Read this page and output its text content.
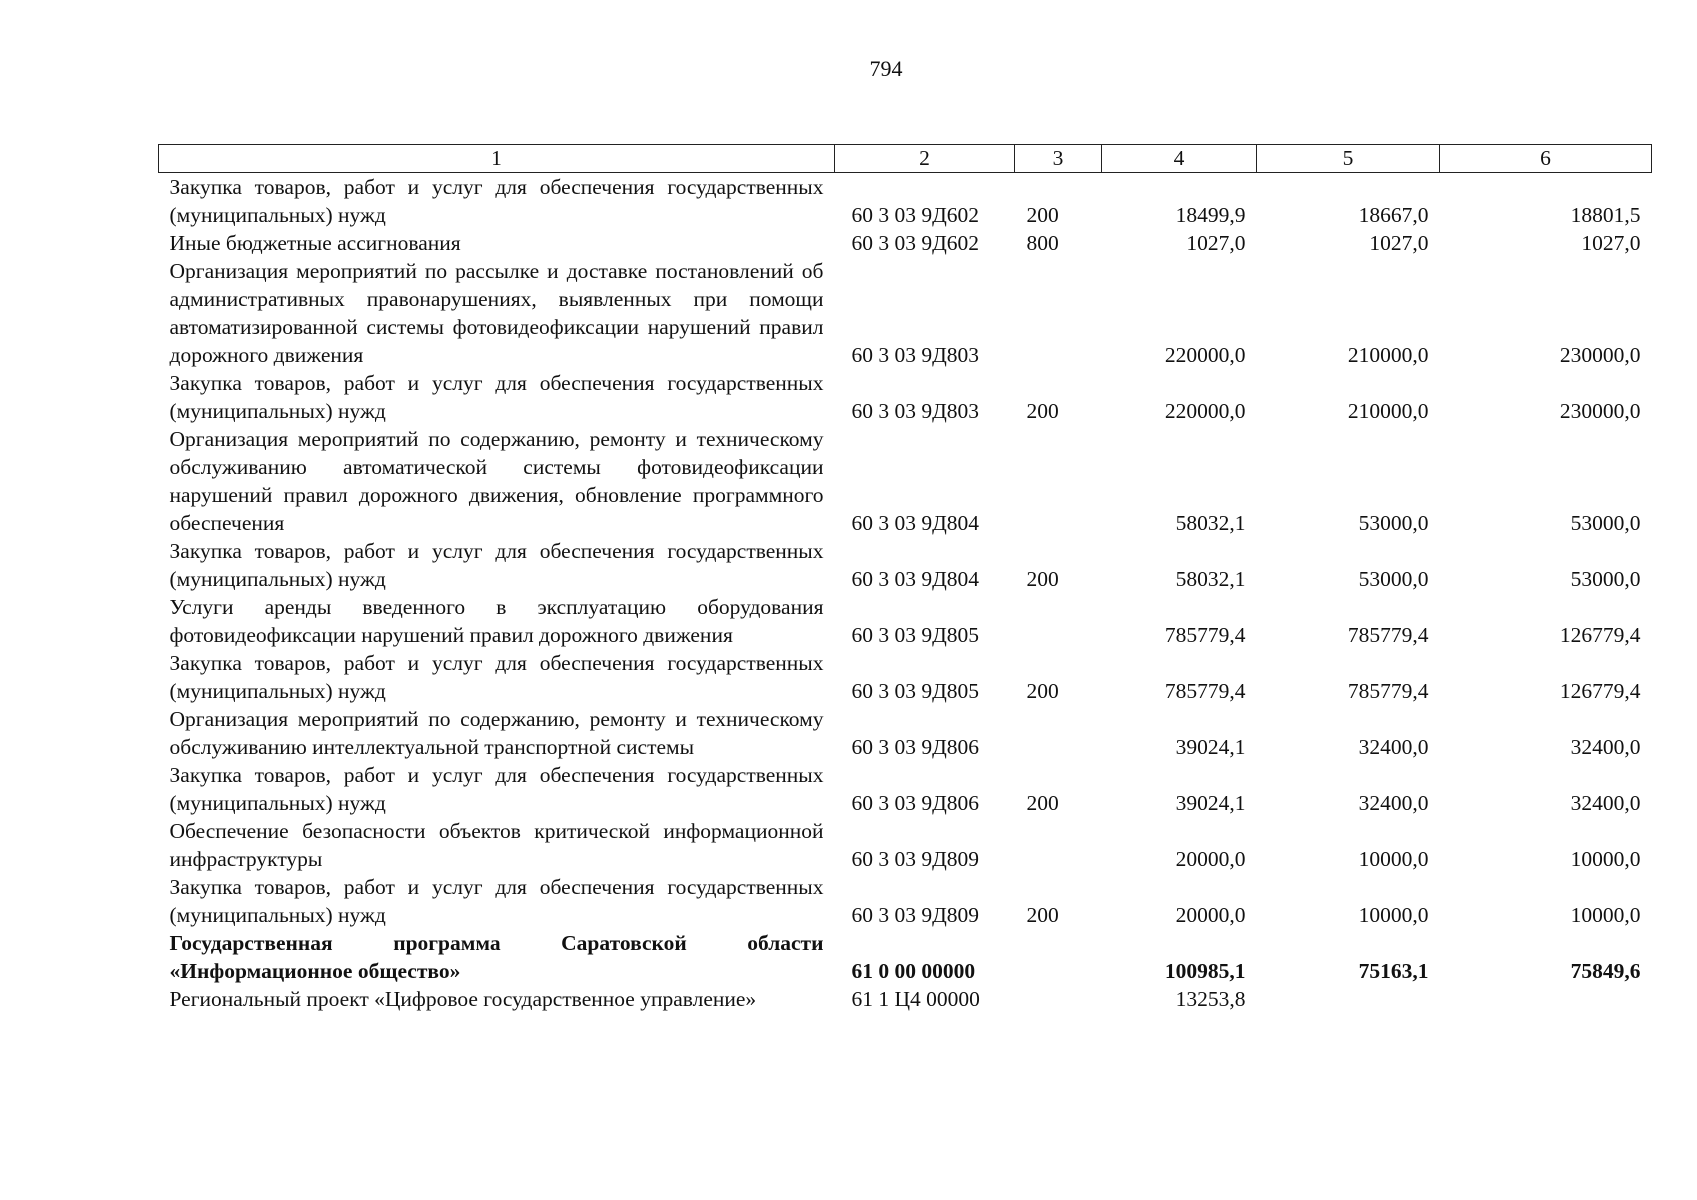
794
1	2	3	4	5	6
Закупка товаров, работ и услуг для обеспечения государственных (муниципальных) нужд	60 3 03 9Д602	200	18499,9	18667,0	18801,5
Иные бюджетные ассигнования	60 3 03 9Д602	800	1027,0	1027,0	1027,0
Организация мероприятий по рассылке и доставке постановлений об административных правонарушениях, выявленных при помощи автоматизированной системы фотовидеофиксации нарушений правил дорожного движения	60 3 03 9Д803		220000,0	210000,0	230000,0
Закупка товаров, работ и услуг для обеспечения государственных (муниципальных) нужд	60 3 03 9Д803	200	220000,0	210000,0	230000,0
Организация мероприятий по содержанию, ремонту и техническому обслуживанию автоматической системы фотовидеофиксации нарушений правил дорожного движения, обновление программного обеспечения	60 3 03 9Д804		58032,1	53000,0	53000,0
Закупка товаров, работ и услуг для обеспечения государственных (муниципальных) нужд	60 3 03 9Д804	200	58032,1	53000,0	53000,0
Услуги аренды введенного в эксплуатацию оборудования фотовидеофиксации нарушений правил дорожного движения	60 3 03 9Д805		785779,4	785779,4	126779,4
Закупка товаров, работ и услуг для обеспечения государственных (муниципальных) нужд	60 3 03 9Д805	200	785779,4	785779,4	126779,4
Организация мероприятий по содержанию, ремонту и техническому обслуживанию интеллектуальной транспортной системы	60 3 03 9Д806		39024,1	32400,0	32400,0
Закупка товаров, работ и услуг для обеспечения государственных (муниципальных) нужд	60 3 03 9Д806	200	39024,1	32400,0	32400,0
Обеспечение безопасности объектов критической информационной инфраструктуры	60 3 03 9Д809		20000,0	10000,0	10000,0
Закупка товаров, работ и услуг для обеспечения государственных (муниципальных) нужд	60 3 03 9Д809	200	20000,0	10000,0	10000,0
Государственная программа Саратовской области «Информационное общество»	61 0 00 00000		100985,1	75163,1	75849,6
Региональный проект «Цифровое государственное управление»	61 1 Ц4 00000		13253,8		
